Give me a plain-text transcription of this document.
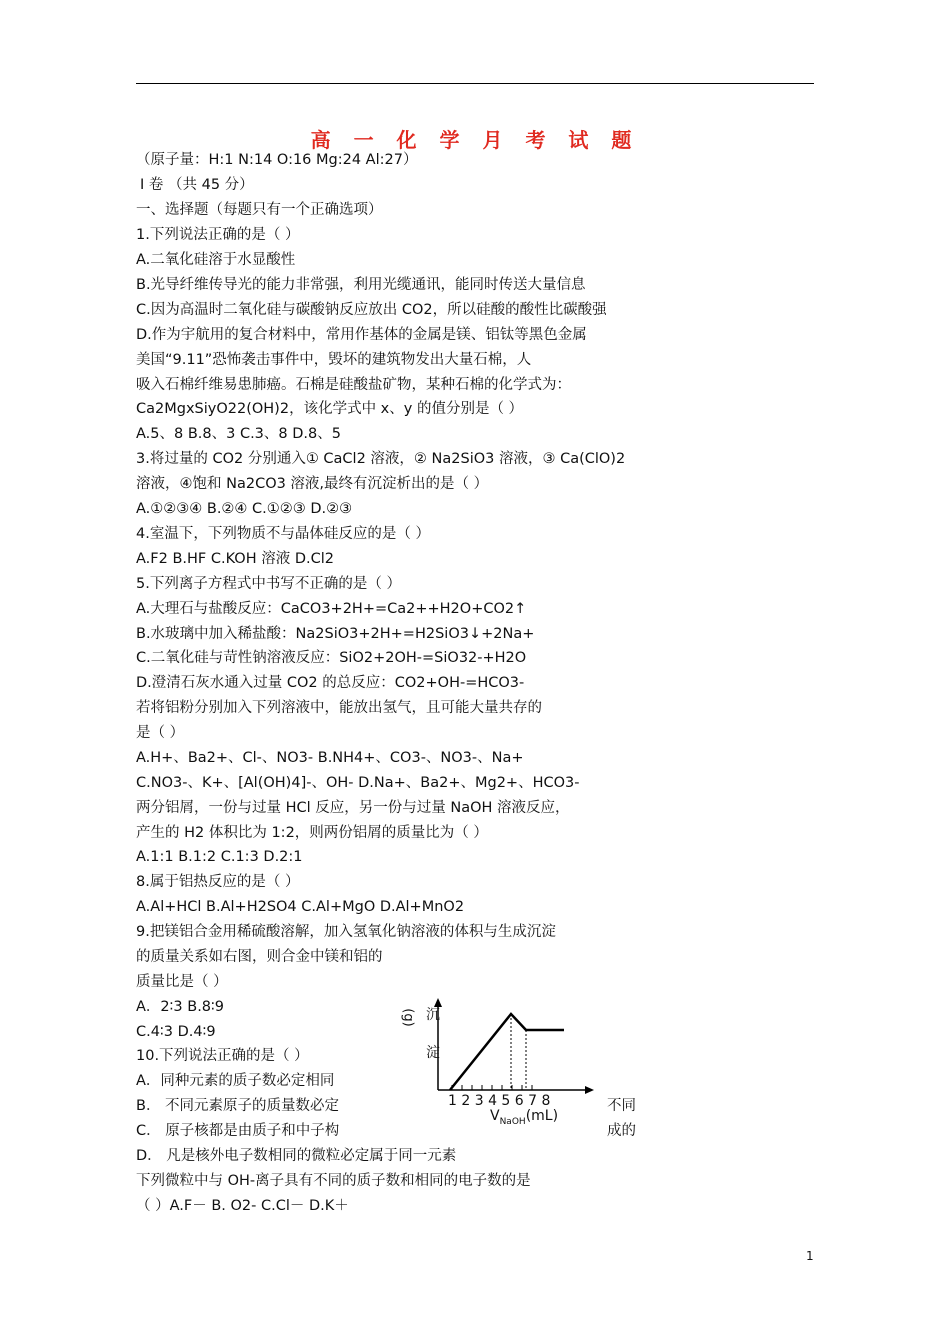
高 一 化 学 月 考 试 题
（原子量：H:1 N:14 O:16 Mg:24 Al:27）
Ⅰ 卷 （共 45 分）
一、选择题（每题只有一个正确选项）
1.下列说法正确的是（ ）
A.二氧化硅溶于水显酸性
B.光导纤维传导光的能力非常强，利用光缆通讯，能同时传送大量信息
C.因为高温时二氧化硅与碳酸钠反应放出 CO2，所以硅酸的酸性比碳酸强
D.作为宇航用的复合材料中，常用作基体的金属是镁、铝钛等黑色金属
美国“9.11”恐怖袭击事件中，毁坏的建筑物发出大量石棉，人
吸入石棉纤维易患肺癌。石棉是硅酸盐矿物，某种石棉的化学式为：
Ca2MgxSiyO22(OH)2，该化学式中 x、y 的值分别是（ ）
A.5、8 B.8、3 C.3、8 D.8、5
3.将过量的 CO2 分别通入① CaCl2 溶液，② Na2SiO3 溶液，③ Ca(ClO)2
溶液，④饱和 Na2CO3 溶液,最终有沉淀析出的是（ ）
A.①②③④ B.②④ C.①②③ D.②③
4.室温下，下列物质不与晶体硅反应的是（ ）
A.F2 B.HF C.KOH 溶液 D.Cl2
5.下列离子方程式中书写不正确的是（ ）
A.大理石与盐酸反应：CaCO3+2H+=Ca2++H2O+CO2↑
B.水玻璃中加入稀盐酸：Na2SiO3+2H+=H2SiO3↓+2Na+
C.二氧化硅与苛性钠溶液反应：SiO2+2OH-=SiO32-+H2O
D.澄清石灰水通入过量 CO2 的总反应：CO2+OH-=HCO3-
若将铝粉分别加入下列溶液中，能放出氢气，且可能大量共存的
是（ ）
A.H+、Ba2+、Cl-、NO3- B.NH4+、CO3-、NO3-、Na+
C.NO3-、K+、[Al(OH)4]-、OH- D.Na+、Ba2+、Mg2+、HCO3-
两分铝屑，一份与过量 HCl 反应，另一份与过量 NaOH 溶液反应，
产生的 H2 体积比为 1:2，则两份铝屑的质量比为（ ）
A.1:1 B.1:2 C.1:3 D.2:1
8.属于铝热反应的是（ ）
A.Al+HCl B.Al+H2SO4 C.Al+MgO D.Al+MnO2
9.把镁铝合金用稀硫酸溶解，加入氢氧化钠溶液的体积与生成沉淀
的质量关系如右图，则合金中镁和铝的
质量比是（ ）
A．2∶3 B.8∶9
C.4∶3 D.4∶9
10.下列说法正确的是（ ）
A．同种元素的质子数必定相同
B． 不同元素原子的质量数必定
C． 原子核都是由质子和中子构
D． 凡是核外电子数相同的微粒必定属于同一元素
下列微粒中与 OH-离子具有不同的质子数和相同的电子数的是
（ ）A.F－ B. O2- C.Cl－ D.K＋
不同
成的
(g) 沉
淀
1 2 3 4 5 6 7 8
$V_{NaOH}(mL)$
1
